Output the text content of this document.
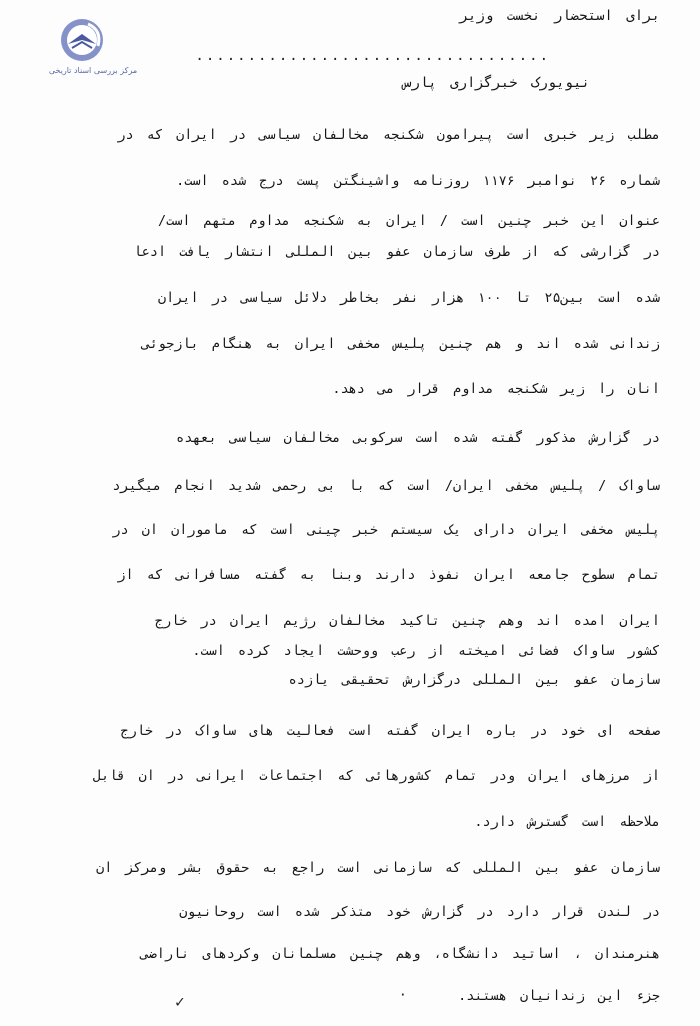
مرکز بررسی اسناد تاریخی
برای استحضار نخست وزیر
..................................
نیویورک خبرگزاری پارس
مطلب زیر خبری است پیرامون شکنجه مخالفان سیاسی در ایران که در
شماره ۲۶ نوامبر ۱۱۷۶ روزنامه واشینگتن پست درج شده است.
عنوان این خبر چنین است / ایران به شکنجه مداوم متهم است/
در گزارشی که از طرف سازمان عفو بین المللی انتشار یافت ادعا
شده است بین۲۵ تا ۱۰۰ هزار نفر بخاطر دلائل سیاسی در ایران
زندانی شده اند و هم چنین پلیس مخفی ایران به هنگام بازجوئی
انان را زیر شکنجه مداوم قرار می دهد.
در گزارش مذکور گفته شده است سرکوبی مخالفان سیاسی بعهده
ساواک / پلیس مخفی ایران/ است که با بی رحمی شدید انجام میگیرد
پلیس مخفی ایران دارای یک سیستم خبر چینی است که ماموران ان در
تمام سطوح جامعه ایران نفوذ دارند وبنا به گفته مسافرانی که از
ایران امده اند وهم چنین تاکید مخالفان رژیم ایران در خارج
کشور ساواک فضائی امیخته از رعب ووحشت ایجاد کرده است.
سازمان عفو بین المللی درگزارش تحقیقی یازده
صفحه ای خود در باره ایران گفته است فعالیت های ساواک در خارج
از مرزهای ایران ودر تمام کشورهائی که اجتماعات ایرانی در ان قابل
ملاحظه است گسترش دارد.
سازمان عفو بین المللی که سازمانی است راجع به حقوق بشر ومرکز ان
در لندن قرار دارد در گزارش خود متذکر شده است روحانیون
هنرمندان ، اساتید دانشگاه، وهم چنین مسلمانان وکردهای ناراضی
جزء این زندانیان هستند.
✓	۰
